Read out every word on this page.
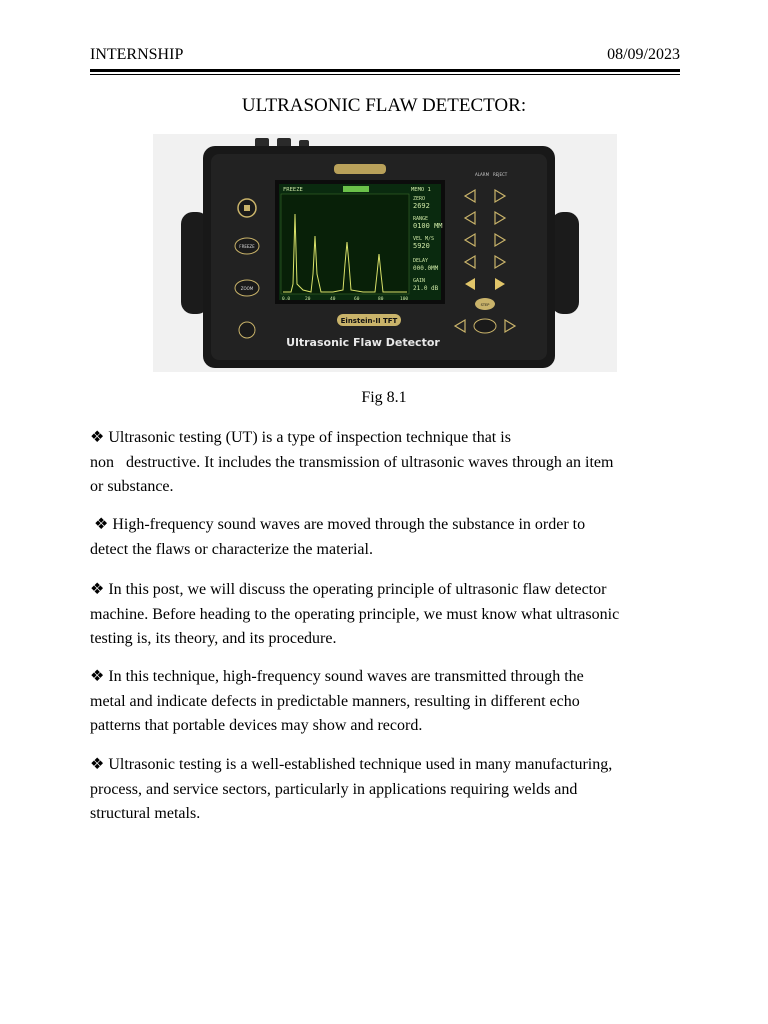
INTERNSHIP	08/09/2023
ULTRASONIC FLAW DETECTOR:
FREEZE	MEMO 1
ZERO
2692
RANGE
0100 MM
VEL M/S
5920
DELAY
000.0MM
GAIN
21.0 dB
0.0	20	40	60	80	100
Einstein-II TFT
Ultrasonic Flaw Detector
FREEZE
ZOOM
ALARM REJECT
STEP
Fig 8.1
❖ Ultrasonic testing (UT) is a type of inspection technique that is
non   destructive. It includes the transmission of ultrasonic waves through an item
or substance.
❖ High-frequency sound waves are moved through the substance in order to
detect the flaws or characterize the material.
❖ In this post, we will discuss the operating principle of ultrasonic flaw detector
machine. Before heading to the operating principle, we must know what ultrasonic
testing is, its theory, and its procedure.
❖ In this technique, high-frequency sound waves are transmitted through the
metal and indicate defects in predictable manners, resulting in different echo
patterns that portable devices may show and record.
❖ Ultrasonic testing is a well-established technique used in many manufacturing,
process, and service sectors, particularly in applications requiring welds and
structural metals.
